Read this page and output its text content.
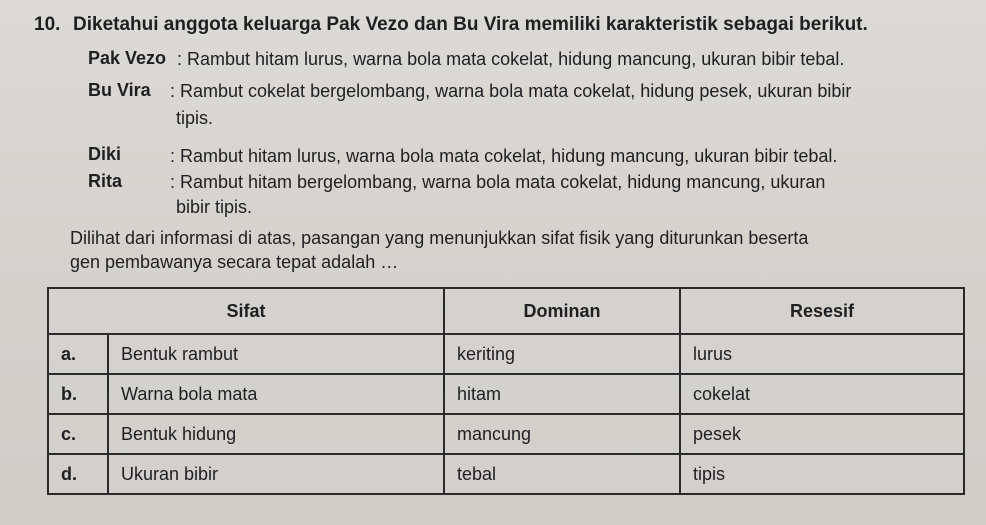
10. Diketahui anggota keluarga Pak Vezo dan Bu Vira memiliki karakteristik sebagai berikut.
Pak Vezo : Rambut hitam lurus, warna bola mata cokelat, hidung mancung, ukuran bibir tebal.
Bu Vira : Rambut cokelat bergelombang, warna bola mata cokelat, hidung pesek, ukuran bibir
tipis.
Diki	: Rambut hitam lurus, warna bola mata cokelat, hidung mancung, ukuran bibir tebal.
Rita	: Rambut hitam bergelombang, warna bola mata cokelat, hidung mancung, ukuran
bibir tipis.
Dilihat dari informasi di atas, pasangan yang menunjukkan sifat fisik yang diturunkan beserta
gen pembawanya secara tepat adalah …
Sifat		Dominan	Resesif
a.	Bentuk rambut	keriting	lurus
b.	Warna bola mata	hitam	cokelat
c.	Bentuk hidung	mancung	pesek
d.	Ukuran bibir	tebal	tipis
